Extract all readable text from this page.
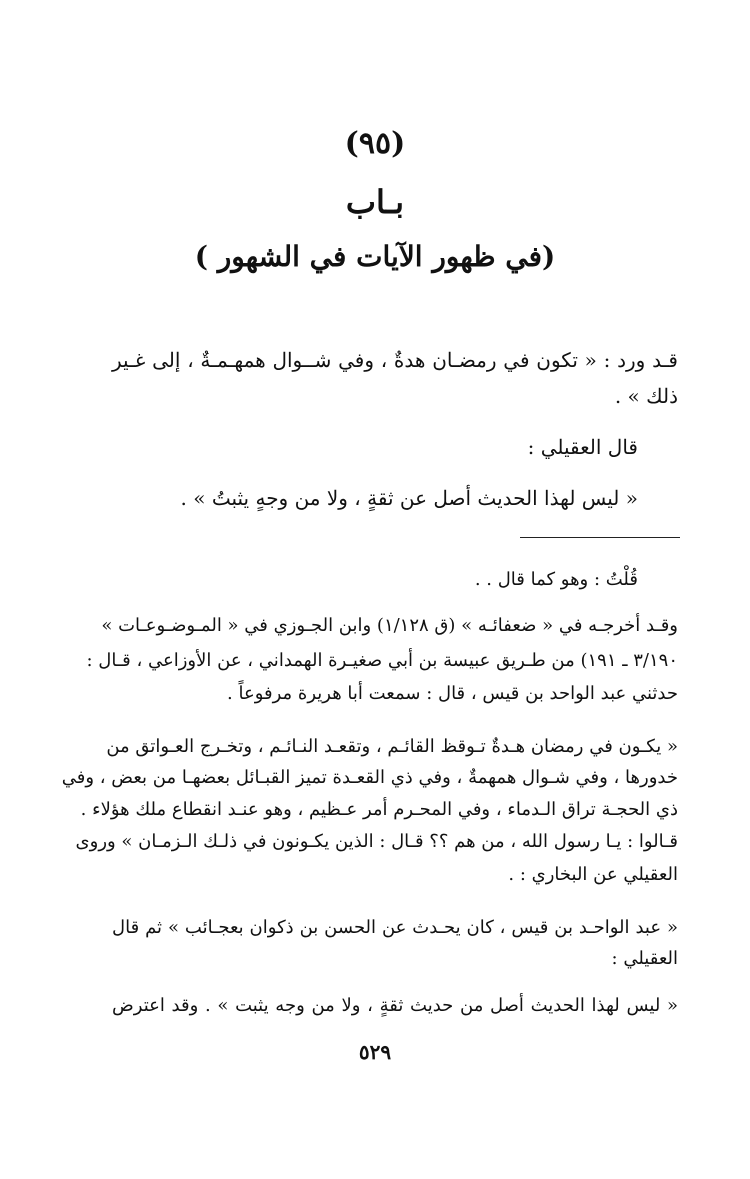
(٩٥)
بـاب
(في ظهور الآيات في الشهور )
قـد ورد : « تكون في رمضـان هدةٌ ، وفي شــوال همهـمـةٌ ، إلى غـير
ذلك » .
قال العقيلي :
« ليس لهذا الحديث أصل عن ثقةٍ ، ولا من وجهٍ يثبتُ » .
قُلْتُ : وهو كما قال . .
وقـد أخرجـه في « ضعفائـه » (ق ١/١٢٨) وابن الجـوزي في « المـوضـوعـات »
٣/١٩٠ ـ ١٩١) من طـريق عبيسة بن أبي صغيـرة الهمداني ، عن الأوزاعي ، قـال :
حدثني عبد الواحد بن قيس ، قال : سمعت أبا هريرة مرفوعاً .
« يكـون في رمضان هـدةٌ تـوقظ القائـم ، وتقعـد النـائـم ، وتخـرج العـواتق من
خدورها ، وفي شـوال همهمةٌ ، وفي ذي القعـدة تميز القبـائل بعضهـا من بعض ، وفي
ذي الحجـة تراق الـدماء ، وفي المحـرم أمر عـظيم ، وهو عنـد انقطاع ملك هؤلاء .
قـالوا : يـا رسول الله ، من هم ؟؟ قـال : الذين يكـونون في ذلـك الـزمـان » وروى
العقيلي عن البخاري : .
« عبد الواحـد بن قيس ، كان يحـدث عن الحسن بن ذكوان بعجـائب » ثم قال
العقيلي :
« ليس لهذا الحديث أصل من حديث ثقةٍ ، ولا من وجه يثبت » . وقد اعترض
٥٢٩
